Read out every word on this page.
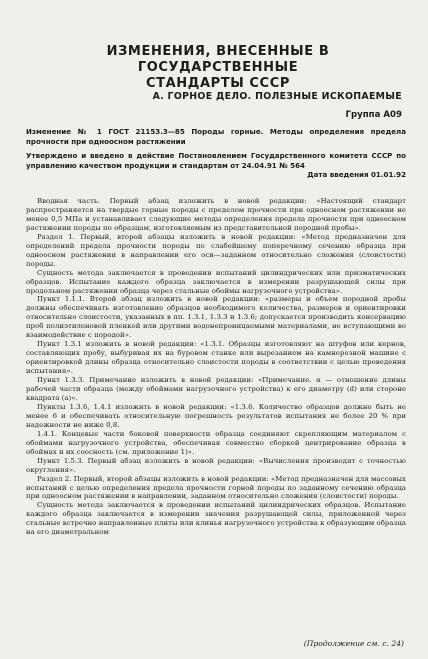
ИЗМЕНЕНИЯ, ВНЕСЕННЫЕ В ГОСУДАРСТВЕННЫЕ
СТАНДАРТЫ СССР
А. ГОРНОЕ ДЕЛО. ПОЛЕЗНЫЕ ИСКОПАЕМЫЕ
Группа А09

Изменение № 1 ГОСТ 21153.3—85 Породы горные. Методы определения предела прочности при одноосном растяжении

Утверждено и введено в действие Постановлением Государственного комитета СССР по управлению качеством продукции и стандартам от 24.04.91 № 564

Дата введения 01.01.92

Вводная часть. Первый абзац изложить в новой редакции: «Настоящий стандарт распространяется на твердые горные породы с пределом прочности при одноосном растяжении не менее 0,5 МПа и устанавливает следующие методы определения предела прочности при одноосном растяжении породы по образцам, изготовляемым из представительной породной пробы».

Раздел 1. Первый, второй абзацы изложить в новой редакции: «Метод предназначен для определений предела прочности породы по слабейшему поперечному сечению образца при одноосном растяжении в направлении его оси—заданном относительно сложения (слоистости) породы.

Сущность метода заключается в проведении испытаний цилиндрических или призматических образцов. Испытание каждого образца заключается в измерении разрушающей силы при продольном растяжении образца через стальные обоймы нагрузочного устройства».

Пункт 1.1.1. Второй абзац изложить в новой редакции: «размеры и объем породной пробы должны обеспечивать изготовление образцов необходимого количества, размеров и ориентировки относительно слоистости, указанных в пп. 1.3.1, 1.3.3 и 1.3.6; допускается производить консервацию проб полиэтиленовой пленкой или другими водонепроницаемыми материалами, не вступающими во взаимодействие с породой».

Пункт 1.3.1 изложить в новой редакции: «1.3.1. Образцы изготовляют на штуфов или кернов, составляющих пробу, выбуривая их на буровом станке или вырезанием на камнерезной машине с ориентировкой длины образца относительно слоистости породы в соответствии с целью проведения испытания».

Пункт 1.3.3. Примечание изложить в новой редакции: «Примечание. α — отношение длины рабочей части образца (между обоймами нагрузочного устройства) к его диаметру (d) или стороне квадрата (a)».

Пункты 1.3.6, 1.4.1 изложить в новой редакции: «1.3.6. Количество образцов должно быть не менее 6 и обеспечивать относительную погрешность результатов испытания не более 20 % при надежности не ниже 0,8.

1.4.1. Концевые части боковой поверхности образца соединяют скрепляющим материалом с обоймами нагрузочного устройства, обеспечивая совместно сборкой центрирование образца в обоймах и их соосность (см. приложение 1)».

Пункт 1.5.3. Первый абзац изложить в новой редакции: «Вычисления производят с точностью округления».

Раздел 2. Первый, второй абзацы изложить в новой редакции: «Метод предназначен для массовых испытаний с целью определения предела прочности горной породы по заданному сечению образца при одноосном растяжении в направлении, заданном относительно сложения (слоистости) породы.

Сущность метода заключается в проведении испытаний цилиндрических образцов. Испытание каждого образца заключается в измерении значения разрушающей силы, приложенной через стальные встречно направленные плиты или клинья нагрузочного устройства к образующим образца на его диаметральном

(Продолжение см. с. 24)
